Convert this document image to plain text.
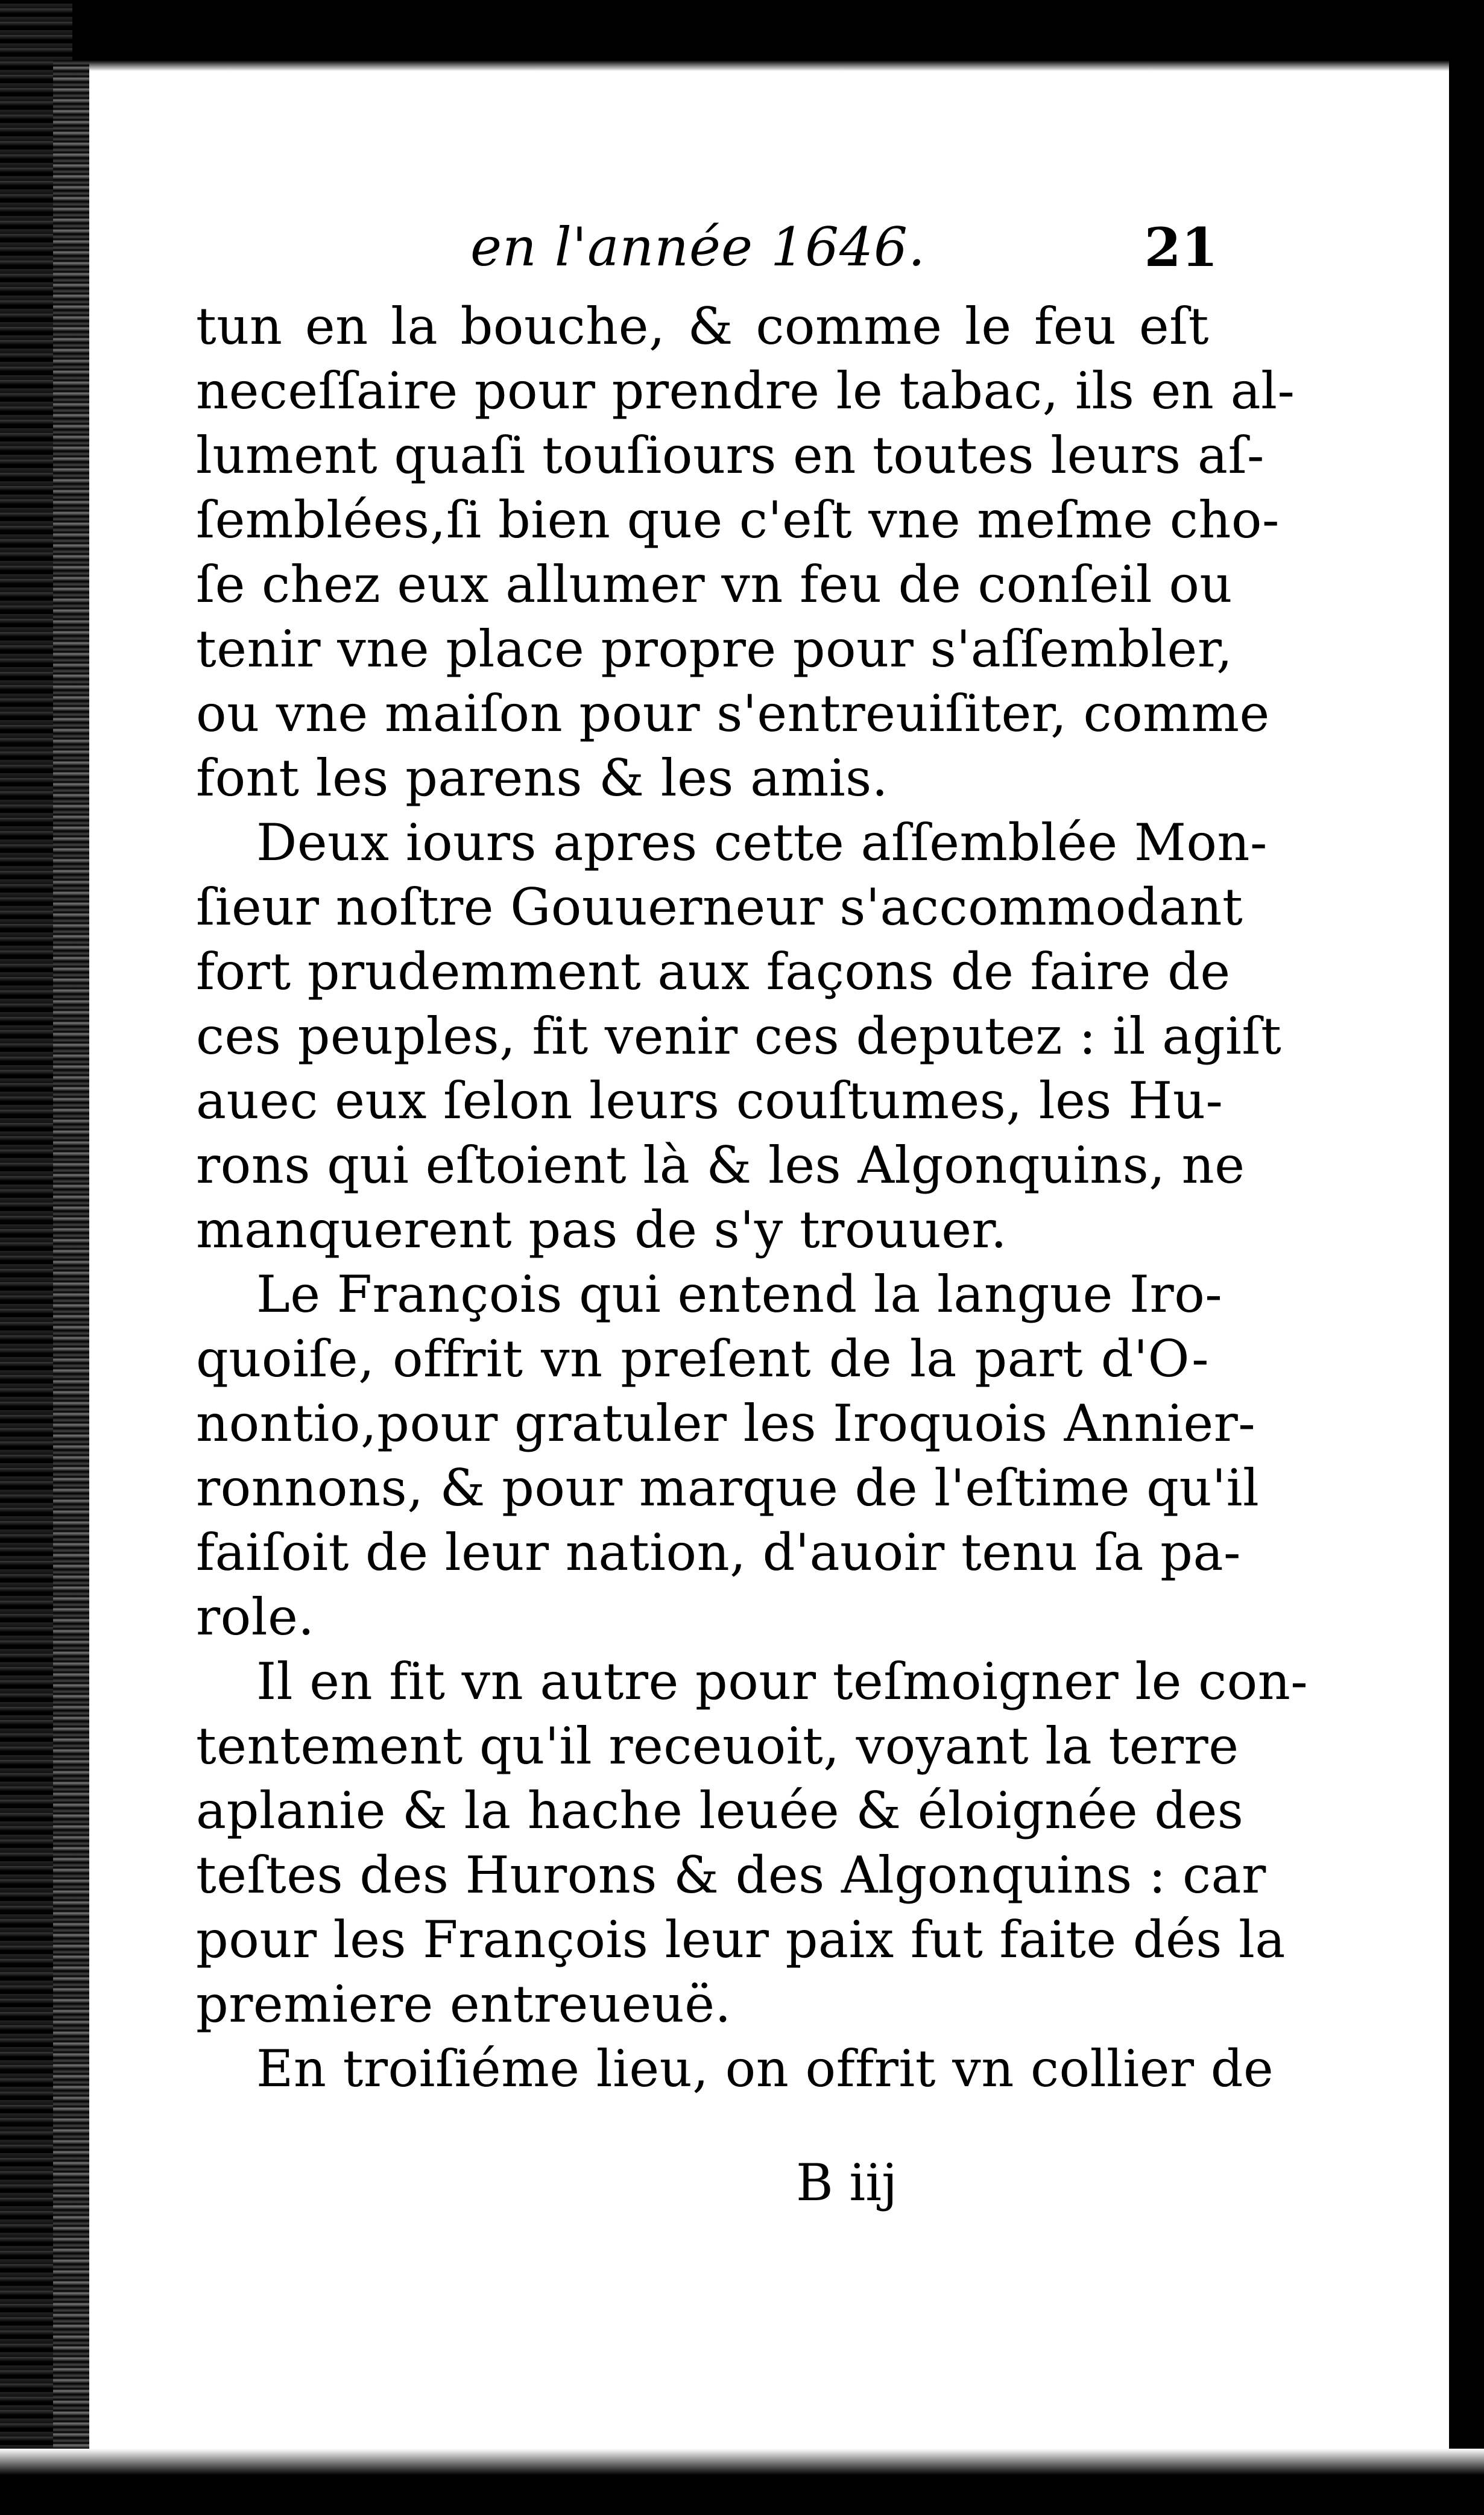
en l'année 1646.	21
tun en la bouche, & comme le feu eſt
neceſſaire pour prendre le tabac, ils en al-
lument quaſi touſiours en toutes leurs aſ-
ſemblées,ſi bien que c'eſt vne meſme cho-
ſe chez eux allumer vn feu de conſeil ou
tenir vne place propre pour s'aſſembler,
ou vne maiſon pour s'entreuiſiter, comme
font les parens & les amis.
Deux iours apres cette aſſemblée Mon-
ſieur noſtre Gouuerneur s'accommodant
fort prudemment aux façons de faire de
ces peuples, fit venir ces deputez : il agiſt
auec eux ſelon leurs couſtumes, les Hu-
rons qui eſtoient là & les Algonquins, ne
manquerent pas de s'y trouuer.
Le François qui entend la langue Iro-
quoiſe, offrit vn preſent de la part d'O-
nontio,pour gratuler les Iroquois Annier-
ronnons, & pour marque de l'eſtime qu'il
faiſoit de leur nation, d'auoir tenu ſa pa-
role.
Il en fit vn autre pour teſmoigner le con-
tentement qu'il receuoit, voyant la terre
aplanie & la hache leuée & éloignée des
teſtes des Hurons & des Algonquins : car
pour les François leur paix fut faite dés la
premiere entreueuë.
En troiſiéme lieu, on offrit vn collier de
B iij
